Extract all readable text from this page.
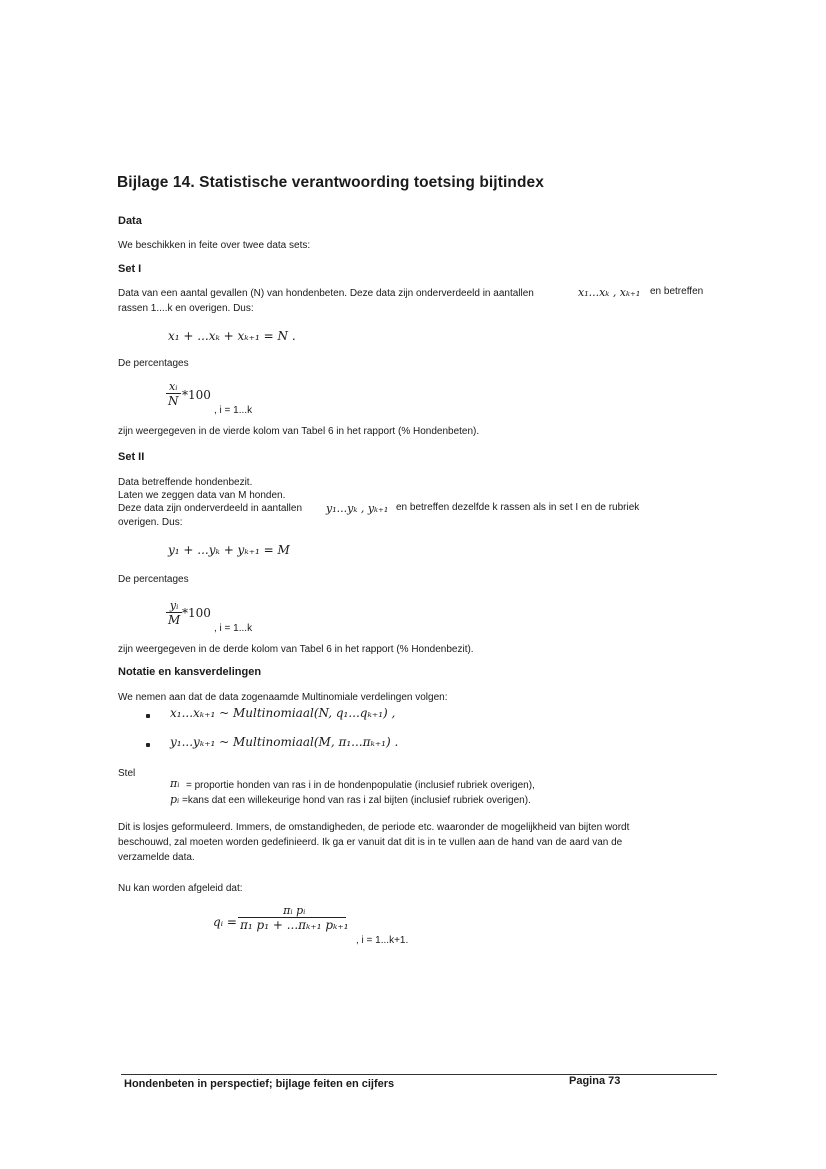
Bijlage 14. Statistische verantwoording toetsing bijtindex
Data
We beschikken in feite over twee data sets:
Set I
Data van een aantal gevallen (N) van hondenbeten. Deze data zijn onderverdeeld in aantallen	x₁...xₖ , xₖ₊₁ en betreffen
rassen 1....k en overigen. Dus:
x₁ + ...xₖ + xₖ₊₁ = N .
De percentages
xᵢ
N *100
, i = 1...k
zijn weergegeven in de vierde kolom van Tabel 6 in het rapport (% Hondenbeten).
Set II
Data betreffende hondenbezit.
Laten we zeggen data van M honden.
Deze data zijn onderverdeeld in aantallen y₁...yₖ , yₖ₊₁ en betreffen dezelfde k rassen als in set I en de rubriek
overigen. Dus:
y₁ + ...yₖ + yₖ₊₁ = M
De percentages
yᵢ
M *100
, i = 1...k
zijn weergegeven in de derde kolom van Tabel 6 in het rapport (% Hondenbezit).
Notatie en kansverdelingen
We nemen aan dat de data zogenaamde Multinomiale verdelingen volgen:
x₁...xₖ₊₁ ~ Multinomiaal(N, q₁...qₖ₊₁) ,
y₁...yₖ₊₁ ~ Multinomiaal(M, π₁...πₖ₊₁) .
Stel
πᵢ = proportie honden van ras i in de hondenpopulatie (inclusief rubriek overigen),
pᵢ =kans dat een willekeurige hond van ras i zal bijten (inclusief rubriek overigen).
Dit is losjes geformuleerd. Immers, de omstandigheden, de periode etc. waaronder de mogelijkheid van bijten wordt
beschouwd, zal moeten worden gedefinieerd. Ik ga er vanuit dat dit is in te vullen aan de hand van de aard van de
verzamelde data.
Nu kan worden afgeleid dat:
qᵢ =
πᵢ pᵢ
π₁ p₁ + ...πₖ₊₁ pₖ₊₁
, i = 1...k+1.
Hondenbeten in perspectief; bijlage feiten en cijfers	Pagina 73
